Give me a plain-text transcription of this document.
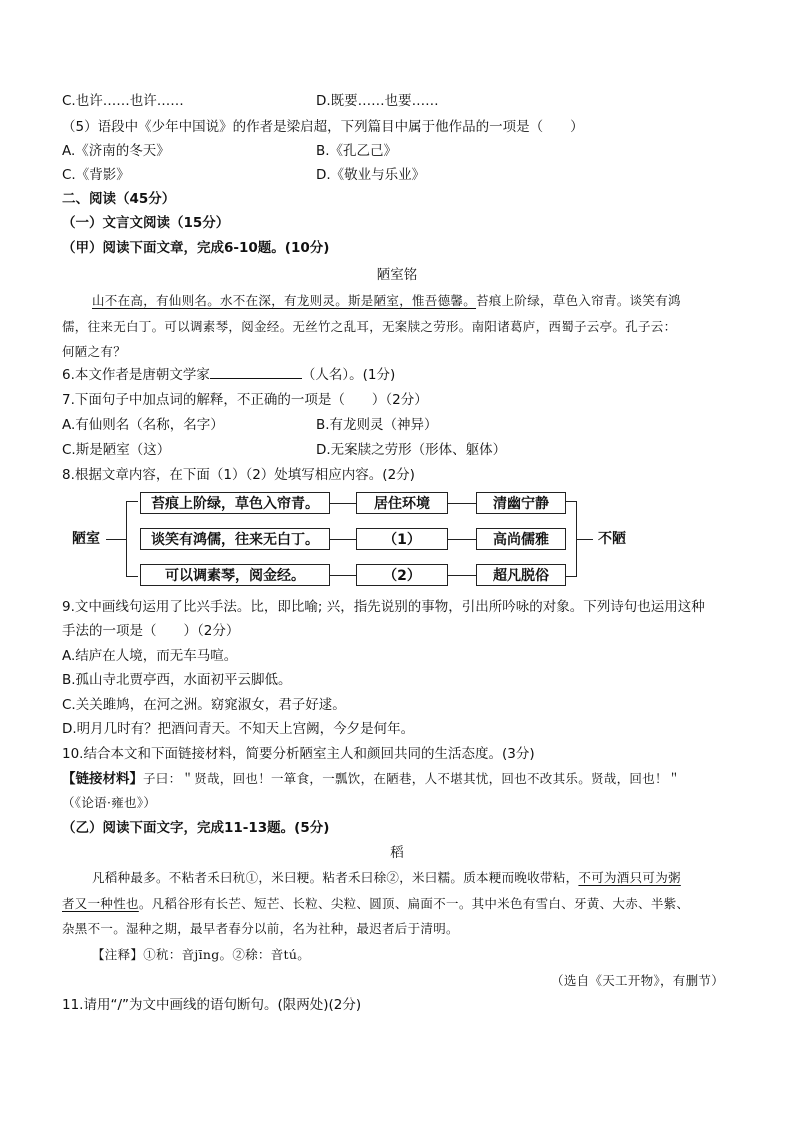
C.也许……也许……	D.既要……也要……
（5）语段中《少年中国说》的作者是梁启超，下列篇目中属于他作品的一项是（　　）
A.《济南的冬天》	B.《孔乙己》
C.《背影》	D.《敬业与乐业》
二、阅读（45分）
（一）文言文阅读（15分）
（甲）阅读下面文章，完成6-10题。(10分)
陋室铭
山不在高，有仙则名。水不在深，有龙则灵。斯是陋室，惟吾德馨。苔痕上阶绿，草色入帘青。谈笑有鸿
儒，往来无白丁。可以调素琴，阅金经。无丝竹之乱耳，无案牍之劳形。南阳诸葛庐，西蜀子云亭。孔子云：
何陋之有？
6.本文作者是唐朝文学家	（人名）。(1分)
7.下面句子中加点词的解释，不正确的一项是（　　）（2分）
A.有仙则名（名称，名字）	B.有龙则灵（神异）
C.斯是陋室（这）	D.无案牍之劳形（形体、躯体）
8.根据文章内容，在下面（1）（2）处填写相应内容。(2分)
陋室	不陋
苔痕上阶绿，草色入帘青。	居住环境	清幽宁静
谈笑有鸿儒，往来无白丁。	（1）	高尚儒雅
可以调素琴，阅金经。	（2）	超凡脱俗
9.文中画线句运用了比兴手法。比，即比喻; 兴，指先说别的事物，引出所吟咏的对象。下列诗句也运用这种
手法的一项是（　　）（2分）
A.结庐在人境，而无车马喧。
B.孤山寺北贾亭西，水面初平云脚低。
C.关关雎鸠，在河之洲。窈窕淑女，君子好逑。
D.明月几时有？把酒问青天。不知天上宫阙，今夕是何年。
10.结合本文和下面链接材料，简要分析陋室主人和颜回共同的生活态度。(3分)
【链接材料】子曰：＂贤哉，回也！一箪食，一瓢饮，在陋巷，人不堪其忧，回也不改其乐。贤哉，回也！＂
（《论语·雍也》）
（乙）阅读下面文字，完成11-13题。(5分)
稻
凡稻种最多。不粘者禾曰秔①，米曰粳。粘者禾曰稌②，米曰糯。质本粳而晚收带粘，不可为酒只可为粥
者又一种性也。凡稻谷形有长芒、短芒、长粒、尖粒、圆顶、扁面不一。其中米色有雪白、牙黄、大赤、半紫、
杂黑不一。湿种之期，最早者春分以前，名为社种，最迟者后于清明。
【注释】①秔：音jīng。②稌：音tú。
（选自《天工开物》，有删节）
11.请用“/”为文中画线的语句断句。(限两处)(2分)
